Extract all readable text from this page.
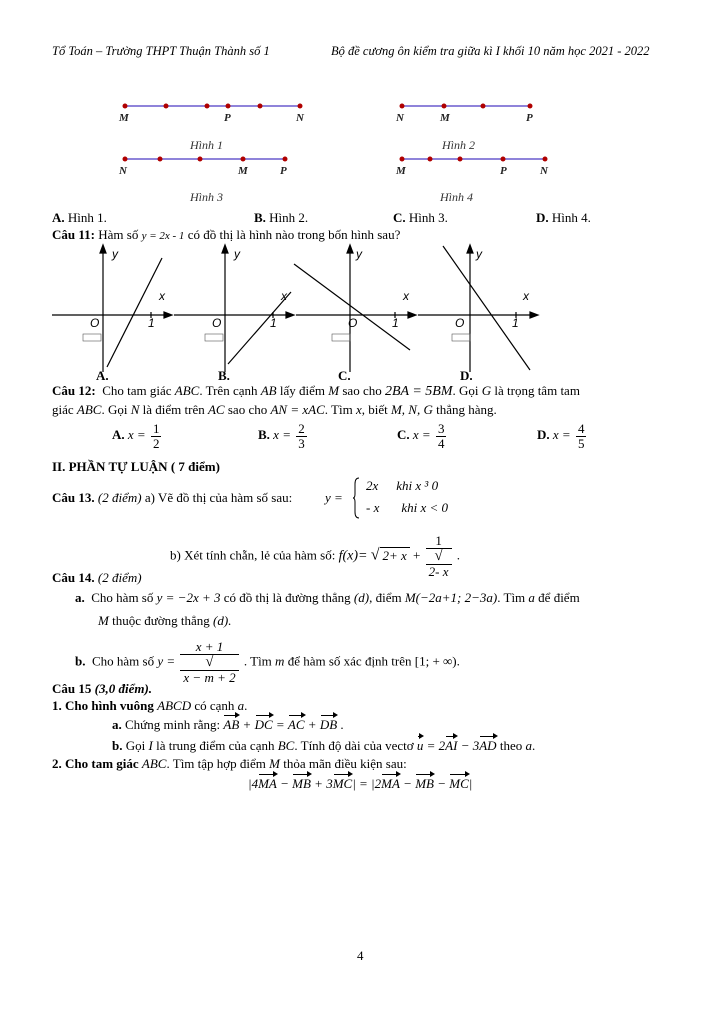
Tổ Toán – Trường THPT Thuận Thành số 1	Bộ đề cương ôn kiểm tra giữa kì I khối 10 năm học 2021 - 2022
M	P	N
Hình 1
N	M	P
Hình 2
N	M	P
Hình 3
M	P	N
Hình 4
A. Hình 1.	B. Hình 2.	C. Hình 3.	D. Hình 4.
Câu 11: Hàm số y = 2x - 1 có đồ thị là hình nào trong bốn hình sau?
y
x
O	1
A.
y
x
O	1
B.
y
x
O	1
C.
y
x
O	1
D.
Câu 12: Cho tam giác ABC. Trên cạnh AB lấy điểm M sao cho 2BA = 5BM. Gọi G là trọng tâm tam
giác ABC. Gọi N là điểm trên AC sao cho AN = xAC. Tìm x, biết M, N, G thẳng hàng.
A. $x = \frac{1}{2}$	B. $x = \frac{2}{3}$	C. $x = \frac{3}{4}$	D. $x = \frac{4}{5}$
II. PHẦN TỰ LUẬN ( 7 điểm)
Câu 13. (2 điểm) a) Vẽ đồ thị của hàm số sau:	y =
2x khi x ³ 0
- x khi x < 0
b) Xét tính chẵn, lẻ của hàm số: f(x)= √ 2+ x + 1
√
2- x .
Câu 14. (2 điểm)
a. Cho hàm số y = −2x + 3 có đồ thị là đường thẳng (d), điểm M(−2a+1; 2−3a). Tìm a để điểm
M thuộc đường thẳng (d).
b. Cho hàm số y = x + 1
√
x − m + 2 . Tìm m để hàm số xác định trên [1; + ∞).
Câu 15 (3,0 điểm).
1. Cho hình vuông ABCD có cạnh a.
a. Chứng minh rằng: AB + DC = AC + DB .
b. Gọi I là trung điểm của cạnh BC. Tính độ dài của vectơ u = 2AI − 3AD theo a.
2. Cho tam giác ABC. Tìm tập hợp điểm M thỏa mãn điều kiện sau:
|4MA − MB + 3MC| = |2MA − MB − MC|
4
